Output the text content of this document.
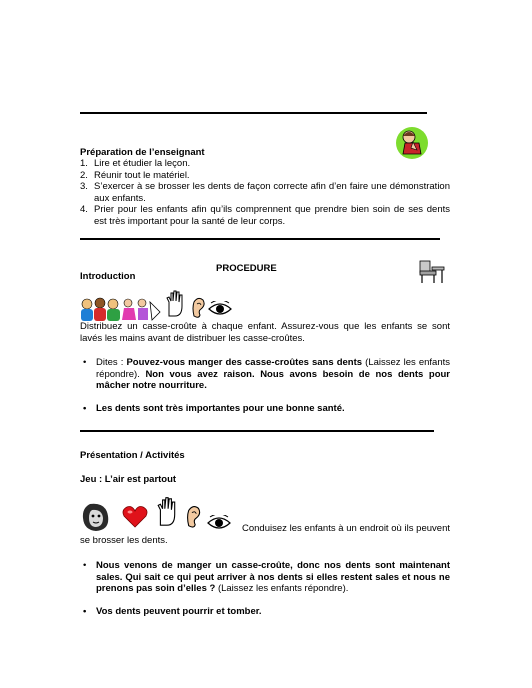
Préparation de l’enseignant
1. Lire et étudier la leçon.
2. Réunir tout le matériel.
3. S’exercer à se brosser les dents de façon correcte afin d’en faire une démonstration aux enfants.
4. Prier pour les enfants afin qu’ils comprennent que prendre bien soin de ses dents est très important pour la santé de leur corps.
PROCEDURE
Introduction
Distribuez un casse-croûte à chaque enfant. Assurez-vous que les enfants se sont lavés les mains avant de distribuer les casse-croûtes.
• Dites : Pouvez-vous manger des casse-croûtes sans dents (Laissez les enfants répondre). Non vous avez raison. Nous avons besoin de nos dents pour mâcher notre nourriture.
• Les dents sont très importantes pour une bonne santé.
Présentation / Activités
Jeu : L’air est partout
Conduisez les enfants à un endroit où ils peuvent se brosser les dents.
• Nous venons de manger un casse-croûte, donc nos dents sont maintenant sales. Qui sait ce qui peut arriver à nos dents si elles restent sales et nous ne prenons pas soin d’elles ? (Laissez les enfants répondre).
• Vos dents peuvent pourrir et tomber.
